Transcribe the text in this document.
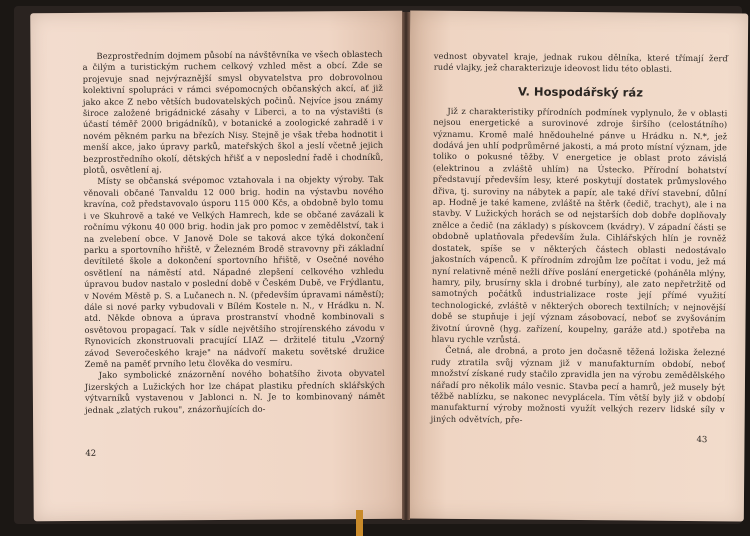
Bezprostředním dojmem působí na návštěvníka ve všech oblastech a čilým a turistickým ruchem celkový vzhled měst a obcí. Zde se projevuje snad nejvýraznější smysl obyvatelstva pro dobrovolnou kolektivní spolupráci v rámci svépomocných občanských akcí, ať již jako akce Z nebo větších budovatelských počinů. Nejvíce jsou známy široce založené brigádnické zásahy v Liberci, a to na výstavišti (s účastí téměř 2000 brigádníků), v botanické a zoologické zahradě i v novém pěkném parku na březích Nisy. Stejně je však třeba hodnotit i menší akce, jako úpravy parků, mateřských škol a jeslí včetně jejich bezprostředního okolí, dětských hřišť a v neposlední řadě i chodníků, plotů, osvětlení aj.

Místy se občanská svépomoc vztahovala i na objekty výroby. Tak věnovali občané Tanvaldu 12 000 brig. hodin na výstavbu nového kravína, což představovalo úsporu 115 000 Kčs, a obdobně bylo tomu i ve Skuhrově a také ve Velkých Hamrech, kde se občané zavázali k ročnímu výkonu 40 000 brig. hodin jak pro pomoc v zemědělství, tak i na zvelebení obce. V Janově Dole se taková akce týká dokončení parku a sportovního hřiště, v Železném Brodě stravovny při základní devítileté škole a dokončení sportovního hřiště, v Osečné nového osvětlení na náměstí atd. Nápadné zlepšení celkového vzhledu úpravou budov nastalo v poslední době v Českém Dubě, ve Frýdlantu, v Novém Městě p. S. a Lučanech n. N. (především úpravami náměstí); dále si nové parky vybudovali v Bílém Kostele n. N., v Hrádku n. N. atd. Někde obnova a úprava prostranství vhodně kombinovali s osvětovou propagací. Tak v sídle největšího strojírenského závodu v Rynovicích zkonstruovali pracující LIAZ — držitelé titulu „Vzorný závod Severočeského kraje" na nádvoří maketu sovětské družice Země na paměť prvního letu člověka do vesmíru.

Jako symbolické znázornění nového bohatšího života obyvatel Jizerských a Lužických hor lze chápat plastiku předních sklářských výtvarníků vystavenou v Jablonci n. N. Je to kombinovaný námět jednak „zlatých rukou", znázorňujících do-

42

vednost obyvatel kraje, jednak rukou dělníka, které třímají žerď rudé vlajky, jež charakterizuje ideovost lidu této oblasti.

V. Hospodářský ráz

Již z charakteristiky přírodních podmínek vyplynulo, že v oblasti nejsou energetické a surovinové zdroje širšího (celostátního) významu. Kromě malé hnědouhelné pánve u Hrádku n. N.*, jež dodává jen uhlí podprůměrné jakosti, a má proto místní význam, jde toliko o pokusné těžby. V energetice je oblast proto závislá (elektrinou a zvláště uhlím) na Ústecko. Přírodní bohatství představují především lesy, které poskytují dostatek průmyslového dřiva, tj. suroviny na nábytek a papír, ale také dříví stavební, důlní ap. Hodně je také kamene, zvláště na štěrk (čedič, trachyt), ale i na stavby. V Lužických horách se od nejstarších dob dobře doplňovaly znělce a čedič (na základy) s pískovcem (kvádry). V západní části se obdobně uplatňovala především žula. Cihlářských hlín je rovněž dostatek, spíše se v některých částech oblasti nedostávalo jakostních vápenců. K přírodním zdrojům lze počítat i vodu, jež má nyní relativně méně nežli dříve poslání energetické (poháněla mlýny, hamry, pily, brusírny skla i drobné turbíny), ale zato nepřetržitě od samotných počátků industrializace roste její přímé využití technologické, zvláště v některých oborech textilních; v nejnovější době se stupňuje i její význam zásobovací, neboť se zvyšováním životní úrovně (hyg. zařízení, koupelny, garáže atd.) spotřeba na hlavu rychle vzrůstá.

Četná, ale drobná, a proto jen dočasně těžená ložiska železné rudy ztratila svůj význam již v manufakturním období, neboť množství získané rudy stačilo zpravidla jen na výrobu zemědělského nářadí pro několik málo vesnic. Stavba pecí a hamrů, jež musely být těžbě nablízku, se nakonec nevyplácela. Tím větší byly již v období manufakturní výroby možnosti využít velkých rezerv lidské síly v jiných odvětvích, pře-

43
